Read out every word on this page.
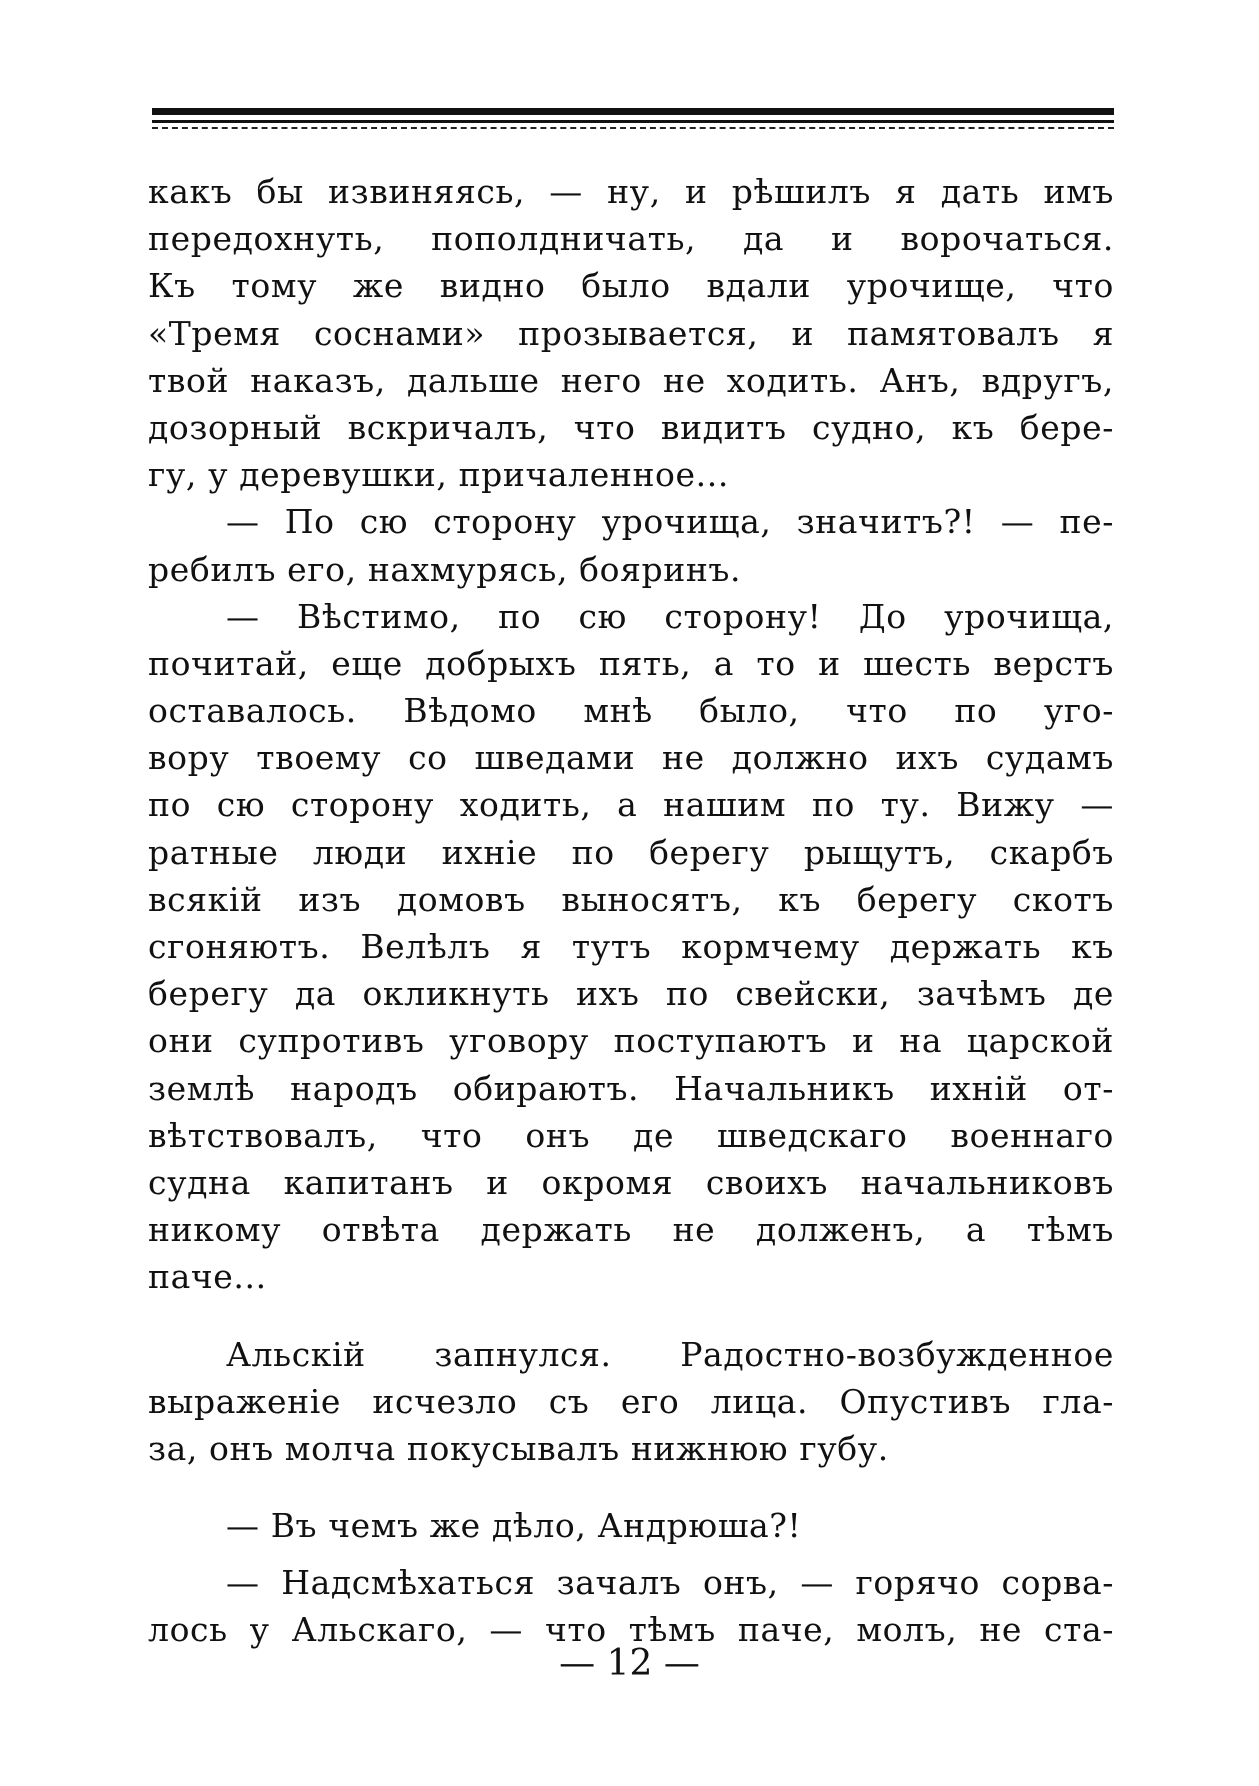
какъ бы извиняясь, — ну, и рѣшилъ я дать имъ
передохнуть, пополдничать, да и ворочаться.
Къ тому же видно было вдали урочище, что
«Тремя соснами» прозывается, и памятовалъ я
твой наказъ, дальше него не ходить. Анъ, вдругъ,
дозорный вскричалъ, что видитъ судно, къ бере-
гу, у деревушки, причаленное...
— По сю сторону урочища, значитъ?! — пе-
ребилъ его, нахмурясь, бояринъ.
— Вѣстимо, по сю сторону! До урочища,
почитай, еще добрыхъ пять, а то и шесть верстъ
оставалось. Вѣдомо мнѣ было, что по уго-
вору твоему со шведами не должно ихъ судамъ
по сю сторону ходить, а нашим по ту. Вижу —
ратные люди ихніе по берегу рыщутъ, скарбъ
всякій изъ домовъ выносятъ, къ берегу скотъ
сгоняютъ. Велѣлъ я тутъ кормчему держать къ
берегу да окликнуть ихъ по свейски, зачѣмъ де
они супротивъ уговору поступаютъ и на царской
землѣ народъ обираютъ. Начальникъ ихній от-
вѣтствовалъ, что онъ де шведскаго военнаго
судна капитанъ и окромя своихъ начальниковъ
никому отвѣта держать не долженъ, а тѣмъ
паче...
Альскій запнулся. Радостно-возбужденное
выраженіе исчезло съ его лица. Опустивъ гла-
за, онъ молча покусывалъ нижнюю губу.
— Въ чемъ же дѣло, Андрюша?!
— Надсмѣхаться зачалъ онъ, — горячо сорва-
лось у Альскаго, — что тѣмъ паче, молъ, не ста-
— 12 —
